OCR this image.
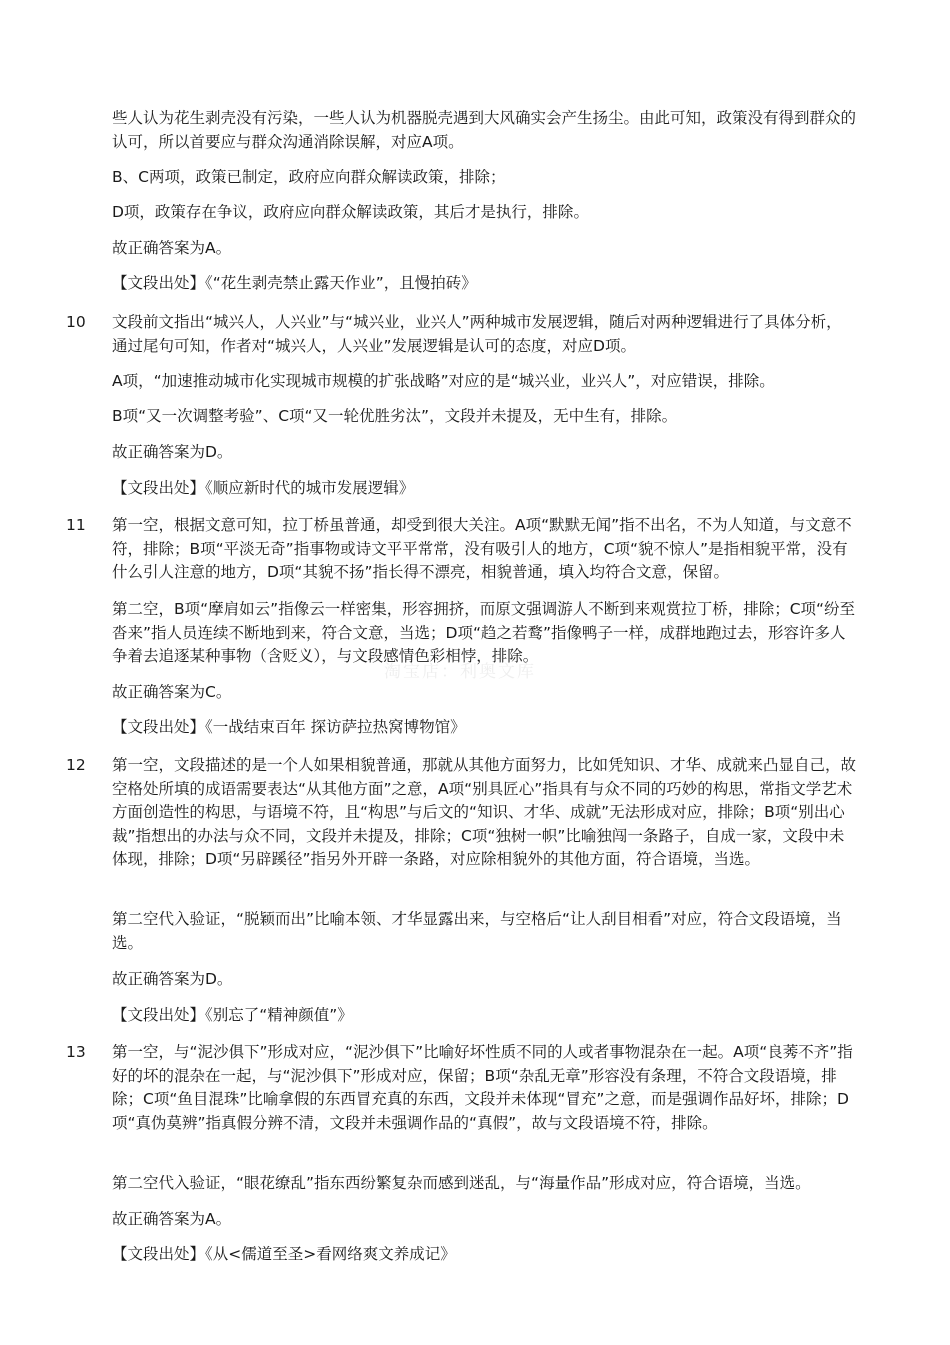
淘宝店：利奥文库

些人认为花生剥壳没有污染，一些人认为机器脱壳遇到大风确实会产生扬尘。由此可知，政策没有得到群众的认可，所以首要应与群众沟通消除误解，对应A项。

B、C两项，政策已制定，政府应向群众解读政策，排除；

D项，政策存在争议，政府应向群众解读政策，其后才是执行，排除。

故正确答案为A。

【文段出处】《“花生剥壳禁止露天作业”，且慢拍砖》

10 文段前文指出“城兴人，人兴业”与“城兴业，业兴人”两种城市发展逻辑，随后对两种逻辑进行了具体分析，通过尾句可知，作者对“城兴人，人兴业”发展逻辑是认可的态度，对应D项。

A项，“加速推动城市化实现城市规模的扩张战略”对应的是“城兴业，业兴人”，对应错误，排除。

B项“又一次调整考验”、C项“又一轮优胜劣汰”，文段并未提及，无中生有，排除。

故正确答案为D。

【文段出处】《顺应新时代的城市发展逻辑》

11 第一空，根据文意可知，拉丁桥虽普通，却受到很大关注。A项“默默无闻”指不出名，不为人知道，与文意不符，排除；B项“平淡无奇”指事物或诗文平平常常，没有吸引人的地方，C项“貌不惊人”是指相貌平常，没有什么引人注意的地方，D项“其貌不扬”指长得不漂亮，相貌普通，填入均符合文意，保留。

第二空，B项“摩肩如云”指像云一样密集，形容拥挤，而原文强调游人不断到来观赏拉丁桥，排除；C项“纷至沓来”指人员连续不断地到来，符合文意，当选；D项“趋之若鹜”指像鸭子一样，成群地跑过去，形容许多人争着去追逐某种事物（含贬义），与文段感情色彩相悖，排除。

故正确答案为C。

【文段出处】《一战结束百年 探访萨拉热窝博物馆》

12 第一空，文段描述的是一个人如果相貌普通，那就从其他方面努力，比如凭知识、才华、成就来凸显自己，故空格处所填的成语需要表达“从其他方面”之意，A项“别具匠心”指具有与众不同的巧妙的构思，常指文学艺术方面创造性的构思，与语境不符，且“构思”与后文的“知识、才华、成就”无法形成对应，排除；B项“别出心裁”指想出的办法与众不同，文段并未提及，排除；C项“独树一帜”比喻独闯一条路子，自成一家，文段中未体现，排除；D项“另辟蹊径”指另外开辟一条路，对应除相貌外的其他方面，符合语境，当选。

第二空代入验证，“脱颖而出”比喻本领、才华显露出来，与空格后“让人刮目相看”对应，符合文段语境，当选。

故正确答案为D。

【文段出处】《别忘了“精神颜值”》

13 第一空，与“泥沙俱下”形成对应，“泥沙俱下”比喻好坏性质不同的人或者事物混杂在一起。A项“良莠不齐”指好的坏的混杂在一起，与“泥沙俱下”形成对应，保留；B项“杂乱无章”形容没有条理，不符合文段语境，排除；C项“鱼目混珠”比喻拿假的东西冒充真的东西，文段并未体现“冒充”之意，而是强调作品好坏，排除；D项“真伪莫辨”指真假分辨不清，文段并未强调作品的“真假”，故与文段语境不符，排除。

第二空代入验证，“眼花缭乱”指东西纷繁复杂而感到迷乱，与“海量作品”形成对应，符合语境，当选。

故正确答案为A。

【文段出处】《从<儒道至圣>看网络爽文养成记》
